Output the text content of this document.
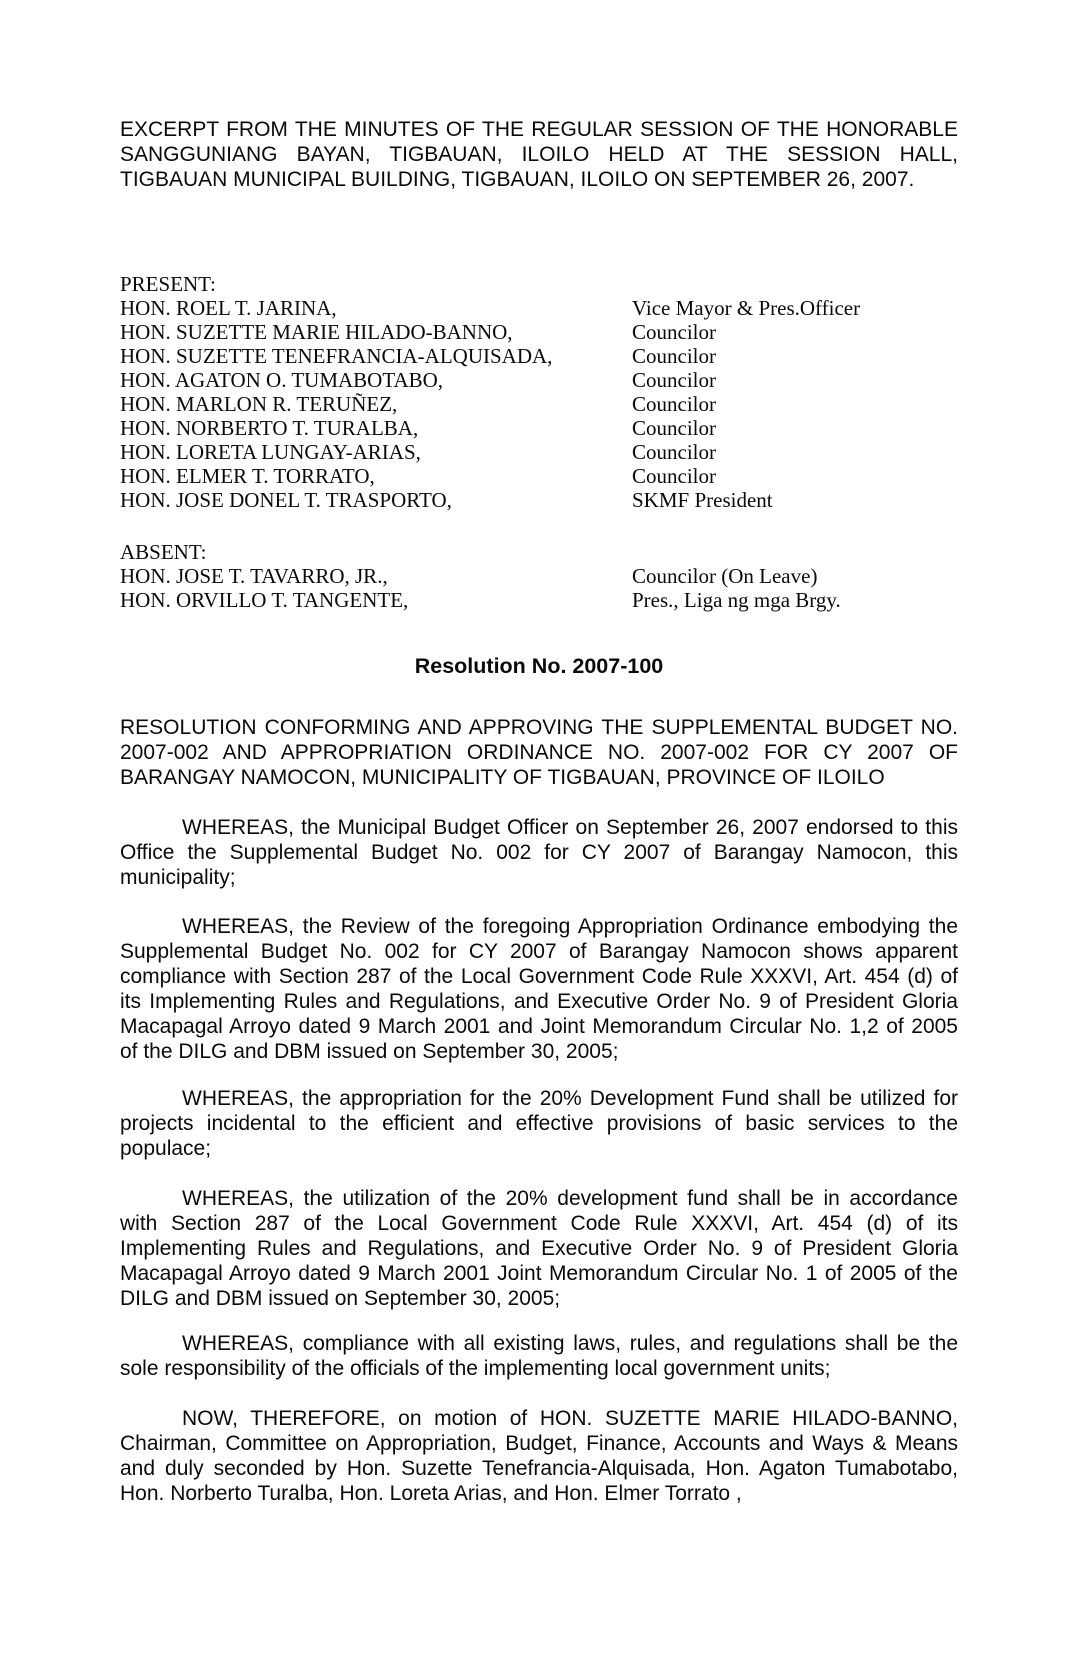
EXCERPT FROM THE MINUTES OF THE REGULAR SESSION OF THE HONORABLE SANGGUNIANG BAYAN, TIGBAUAN, ILOILO HELD AT THE SESSION HALL, TIGBAUAN MUNICIPAL BUILDING, TIGBAUAN, ILOILO ON SEPTEMBER 26, 2007.

PRESENT:
HON. ROEL T. JARINA,	Vice Mayor & Pres.Officer
HON. SUZETTE MARIE HILADO-BANNO,	Councilor
HON. SUZETTE TENEFRANCIA-ALQUISADA,	Councilor
HON. AGATON O. TUMABOTABO,	Councilor
HON. MARLON R. TERUÑEZ,	Councilor
HON. NORBERTO T. TURALBA,	Councilor
HON. LORETA LUNGAY-ARIAS,	Councilor
HON. ELMER T. TORRATO,	Councilor
HON. JOSE DONEL T. TRASPORTO,	SKMF President
ABSENT:
HON. JOSE T. TAVARRO, JR.,	Councilor (On Leave)
HON. ORVILLO T. TANGENTE,	Pres., Liga ng mga Brgy.
Resolution No. 2007-100

RESOLUTION CONFORMING AND APPROVING THE SUPPLEMENTAL BUDGET NO. 2007-002 AND APPROPRIATION ORDINANCE NO. 2007-002 FOR CY 2007 OF BARANGAY NAMOCON, MUNICIPALITY OF TIGBAUAN, PROVINCE OF ILOILO

WHEREAS, the Municipal Budget Officer on September 26, 2007 endorsed to this Office the Supplemental Budget No. 002 for CY 2007 of Barangay Namocon, this municipality;

WHEREAS, the Review of the foregoing Appropriation Ordinance embodying the Supplemental Budget No. 002 for CY 2007 of Barangay Namocon shows apparent compliance with Section 287 of the Local Government Code Rule XXXVI, Art. 454 (d) of its Implementing Rules and Regulations, and Executive Order No. 9 of President Gloria Macapagal Arroyo dated 9 March 2001 and Joint Memorandum Circular No. 1,2 of 2005 of the DILG and DBM issued on September 30, 2005;

WHEREAS, the appropriation for the 20% Development Fund shall be utilized for projects incidental to the efficient and effective provisions of basic services to the populace;

WHEREAS, the utilization of the 20% development fund shall be in accordance with Section 287 of the Local Government Code Rule XXXVI, Art. 454 (d) of its Implementing Rules and Regulations, and Executive Order No. 9 of President Gloria Macapagal Arroyo dated 9 March 2001 Joint Memorandum Circular No. 1 of 2005 of the DILG and DBM issued on September 30, 2005;

WHEREAS, compliance with all existing laws, rules, and regulations shall be the sole responsibility of the officials of the implementing local government units;

NOW, THEREFORE, on motion of HON. SUZETTE MARIE HILADO-BANNO, Chairman, Committee on Appropriation, Budget, Finance, Accounts and Ways & Means and duly seconded by Hon. Suzette Tenefrancia-Alquisada, Hon. Agaton Tumabotabo, Hon. Norberto Turalba, Hon. Loreta Arias, and Hon. Elmer Torrato ,
